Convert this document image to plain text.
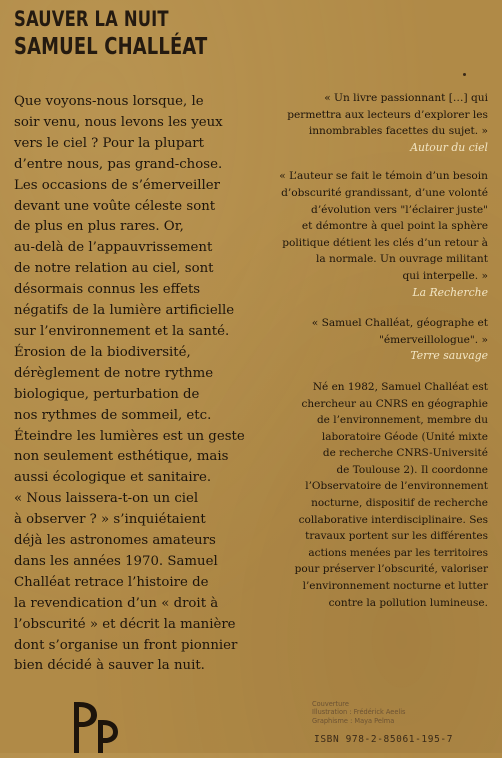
SAUVER LA NUIT
SAMUEL CHALLÉAT
Que voyons-nous lorsque, le
soir venu, nous levons les yeux
vers le ciel ? Pour la plupart
d’entre nous, pas grand-chose.
Les occasions de s’émerveiller
devant une voûte céleste sont
de plus en plus rares. Or,
au-delà de l’appauvrissement
de notre relation au ciel, sont
désormais connus les effets
négatifs de la lumière artificielle
sur l’environnement et la santé.
Érosion de la biodiversité,
dérèglement de notre rythme
biologique, perturbation de
nos rythmes de sommeil, etc.
Éteindre les lumières est un geste
non seulement esthétique, mais
aussi écologique et sanitaire.
« Nous laissera-t-on un ciel
à observer ? » s’inquiétaient
déjà les astronomes amateurs
dans les années 1970. Samuel
Challéat retrace l’histoire de
la revendication d’un « droit à
l’obscurité » et décrit la manière
dont s’organise un front pionnier
bien décidé à sauver la nuit.
« Un livre passionnant […] qui
permettra aux lecteurs d’explorer les
innombrables facettes du sujet. »
Autour du ciel
« L’auteur se fait le témoin d’un besoin
d’obscurité grandissant, d’une volonté
d’évolution vers "l’éclairer juste"
et démontre à quel point la sphère
politique détient les clés d’un retour à
la normale. Un ouvrage militant
qui interpelle. »
La Recherche
« Samuel Challéat, géographe et
"émerveillologue". »
Terre sauvage
Né en 1982, Samuel Challéat est
chercheur au CNRS en géographie
de l’environnement, membre du
laboratoire Géode (Unité mixte
de recherche CNRS-Université
de Toulouse 2). Il coordonne
l’Observatoire de l’environnement
nocturne, dispositif de recherche
collaborative interdisciplinaire. Ses
travaux portent sur les différentes
actions menées par les territoires
pour préserver l’obscurité, valoriser
l’environnement nocturne et lutter
contre la pollution lumineuse.
Couverture
Illustration : Frédérick Aeelis
Graphisme : Maya Pelma
ISBN 978-2-85061-195-7
